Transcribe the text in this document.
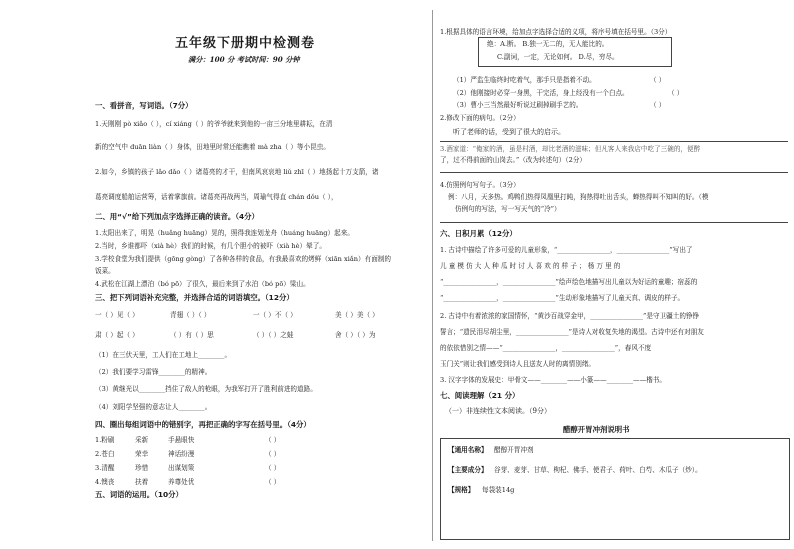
五年级下册期中检测卷
满分：100 分 考试时间：90 分钟
一、看拼音，写词语。（7分）
1.天刚刚 pò xiǎo（ ），cí xiáng（ ）的爷爷就来到他的一亩三分地里耕耘，在清
新的空气中 duān liàn（ ）身体，田地里时常还能瞧着 mà zha（ ）等小昆虫。
2.如今，乡镇的孩子 lǎo dǎo（ ）诸葛亮的才干，但南风哀哀地 liǔ zhī（ ）地扬起十万支箭，诸
葛亮调度船舶运营筹，话着掌旗前。诸葛亮再战两当，周瑜气得直 chán dǒu（ ），
二、用“√”给下列加点字选择正确的读音。（4分）
1.太阳出来了，明晃（huǎng huāng）晃的，照得我连划龙舟（huáng huāng）起来。
2.当时，乡谁都吓（xià hè）我们的时候，有几个胆小的被吓（xià hè）晕了。
3.学校食堂为我们提供（gōng gòng）了各种各样的食品，有我最喜欢的烤鲜（xiān xiǎn）有面制的
饭菜。
4.武松在江湖上漂泊（bó pō）了很久，最后来到了水泊（bó pō）梁山。
三、把下列词语补充完整，并选择合适的词语填空。（12分）
一（ ）见（ ）	青翅（ ）（ ）	一（ ）不（ ）	美（ ）美（ ）
肃（ ）起（ ）	（ ）有（ ）思	（ ）（ ）之蛙	舍（ ）（ ）为
（1）在三伏天里，工人们在工地上________。
（2）我们要学习雷锋________的精神。
（3）黄继光以________挡住了敌人的枪眼，为我军打开了胜利前进的道路。
（4）刘阳学坚强的意志让人________。
四、圈出每组词语中的错别字，再把正确的字写在括号里。（4分）
1.粉刷	采新	手悬眼快	（ ）
2.苍白	荣幸	神话纷漫	（ ）
3.清醒	珍惜	出谋划策	（ ）
4.懊丧	扶着	养尊处优	（ ）
五、词语的运用。（10分）
1.根据具体的语言环境，给加点字选择合适的义项，将序号填在括号里。（3分）
绝：A.断。 B.独一无二的，无人能比的。
C.副词，一定，无论如何。 D.尽，穷尽。
（1）严监生临终时吃着气，那手只是指着不动。	（ ）
（2）他刚接时必穿一身黑，干完活，身上经没有一个白点。	（ ）
（3）曹小三当然最好听说过刷掉刷手艺的。	（ ）
2.修改下面的病句。（2分）
听了老师的话，受到了很大的启示。
3.酒家道：“俺家的酒，虽是村酒，却比老酒的滋味；但凡客人来我店中吃了三碗的，便醉
了，过不得前面的山岗去。”（改为转述句）（2分）
4.仿照例句写句子。（3分）
例：八月，天多热。鸡鸭们热得凤凰里打盹，狗热得吐出舌头，蝉热得叫不知叫的好。（模
仿例句的写法，写一写天气的“冷”）
六、日积月累（12分）
1. 古诗中描绘了许多可爱的儿童形象，“________________，________________”写出了
儿 童 模 仿 大 人 种 瓜 时 讨 人 喜 欢 的 样 子 ； 杨 万 里 的
“________________，________________”绘声绘色地描写出儿童以为好运的童趣；宿蕊的
“________________，________________”生动形象地描写了儿童天真、调皮的样子。
2. 古诗中有着浓浓的家国情怀，“黄沙百战穿金甲，________________”是守卫疆土的铮铮
誓言；“遗民泪尽胡尘里，________________”是诗人对收复失地的渴望。古诗中还有对朋友
的依依惜别之情——“________________，________________”，春风不度
玉门关”则让我们感受到诗人且送友人时的离情别绪。
3. 汉字字体的发展史：甲骨文——________——小篆——________——楷书。
七、阅读理解（21 分）
（一）非连续性文本阅读。（9分）
醋醇开胃冲剂说明书
【通用名称】 醋醇开胃冲剂
【主要成分】 谷芽、麦芽、甘草、枸杞、佛手、使君子、荷叶、白芍、木瓜子（炒）。
【规格】 每袋装14g
